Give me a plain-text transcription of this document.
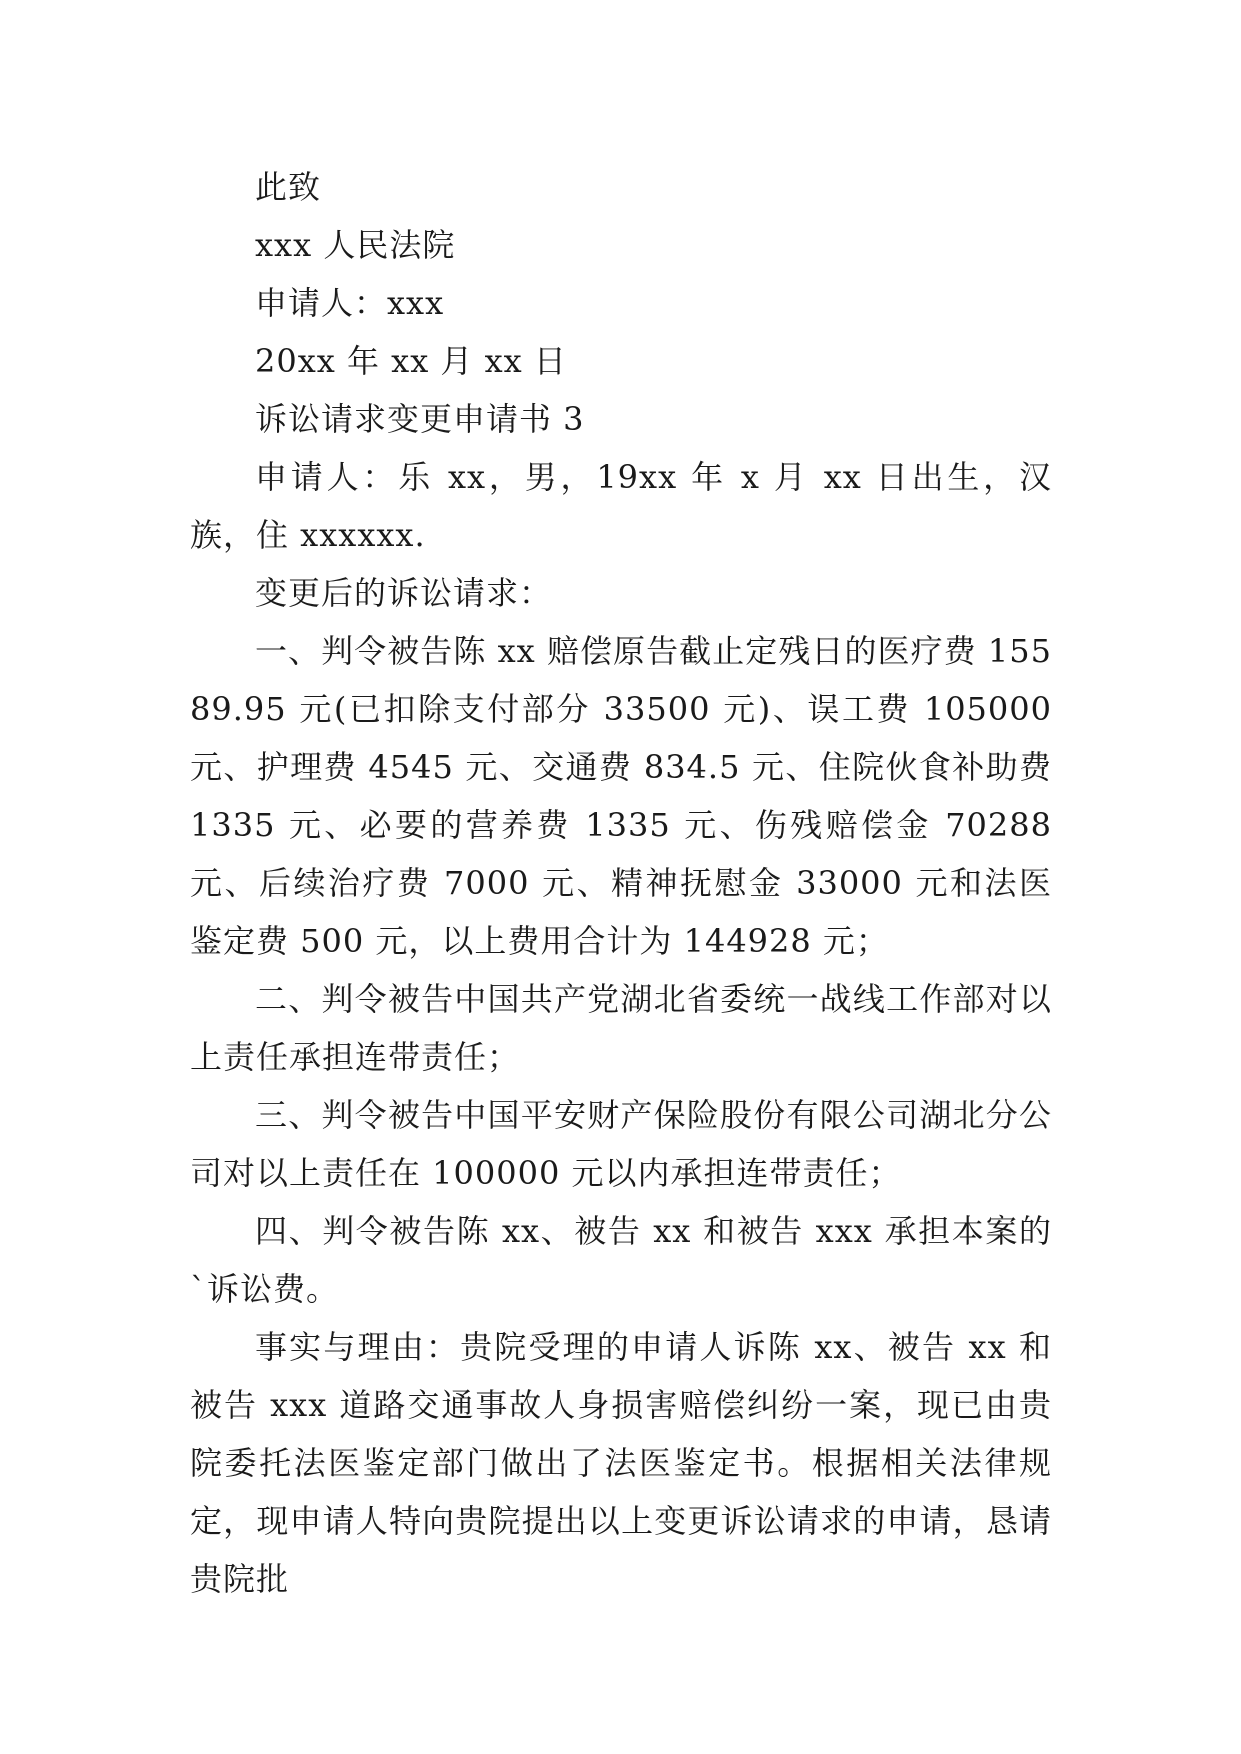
此致

xxx 人民法院

申请人：xxx

20xx 年 xx 月 xx 日

诉讼请求变更申请书 3

申请人：乐 xx，男，19xx 年 x 月 xx 日出生，汉族，住 xxxxxx.

变更后的诉讼请求：

一、判令被告陈 xx 赔偿原告截止定残日的医疗费 15589.95 元(已扣除支付部分 33500 元)、误工费 105000 元、护理费 4545 元、交通费 834.5 元、住院伙食补助费 1335 元、必要的营养费 1335 元、伤残赔偿金 70288 元、后续治疗费 7000 元、精神抚慰金 33000 元和法医鉴定费 500 元，以上费用合计为 144928 元；

二、判令被告中国共产党湖北省委统一战线工作部对以上责任承担连带责任；

三、判令被告中国平安财产保险股份有限公司湖北分公司对以上责任在 100000 元以内承担连带责任；

四、判令被告陈 xx、被告 xx 和被告 xxx 承担本案的`诉讼费。

事实与理由：贵院受理的申请人诉陈 xx、被告 xx 和被告 xxx 道路交通事故人身损害赔偿纠纷一案，现已由贵院委托法医鉴定部门做出了法医鉴定书。根据相关法律规定，现申请人特向贵院提出以上变更诉讼请求的申请，恳请贵院批
